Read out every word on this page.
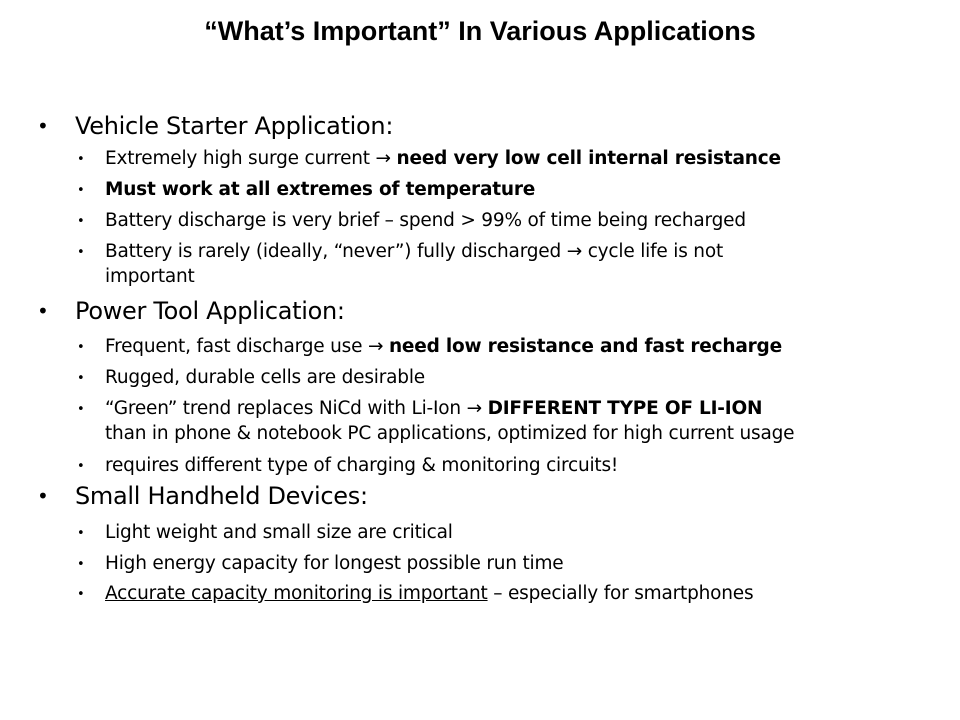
“What’s Important” In Various Applications
• Vehicle Starter Application:
• Extremely high surge current → need very low cell internal resistance
• Must work at all extremes of temperature
• Battery discharge is very brief – spend > 99% of time being recharged
• Battery is rarely (ideally, “never”) fully discharged → cycle life is not
important
• Power Tool Application:
• Frequent, fast discharge use → need low resistance and fast recharge
• Rugged, durable cells are desirable
• “Green” trend replaces NiCd with Li-Ion → DIFFERENT TYPE OF LI-ION
than in phone & notebook PC applications, optimized for high current usage
• requires different type of charging & monitoring circuits!
• Small Handheld Devices:
• Light weight and small size are critical
• High energy capacity for longest possible run time
• Accurate capacity monitoring is important – especially for smartphones
